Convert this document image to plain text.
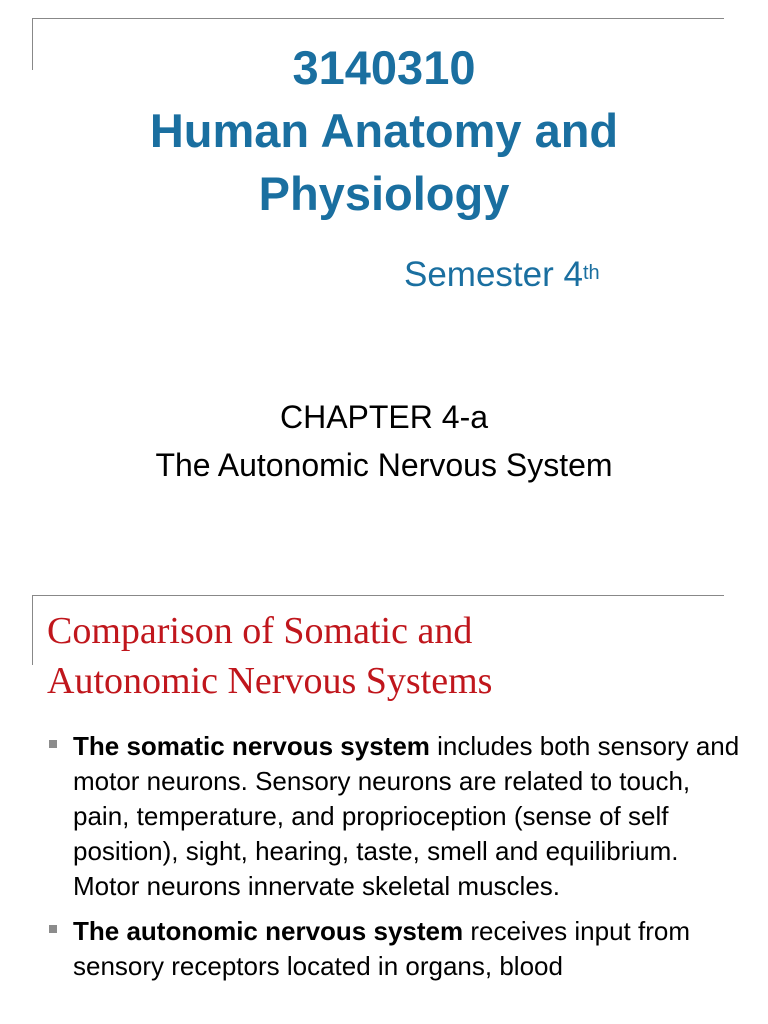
3140310
Human Anatomy and
Physiology
Semester 4th
CHAPTER 4-a
The Autonomic Nervous System
Comparison of Somatic and
Autonomic Nervous Systems
The somatic nervous system includes both sensory and motor neurons. Sensory neurons are related to touch, pain, temperature, and proprioception (sense of self position), sight, hearing, taste, smell and equilibrium. Motor neurons innervate skeletal muscles.
The autonomic nervous system receives input from sensory receptors located in organs, blood
